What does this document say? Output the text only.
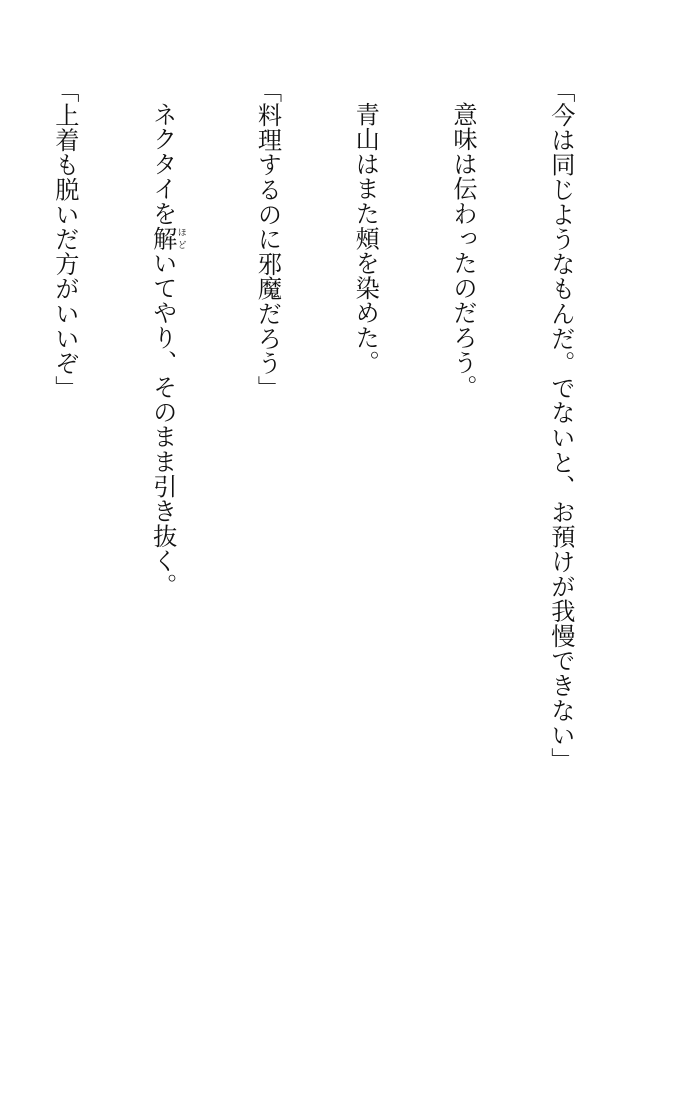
「今は同じようなもんだ。でないと、お預けが我慢できない」

意味は伝わったのだろう。

青山はまた頰を染めた。

「料理するのに邪魔だろう」

ネクタイを解 ほどいてやり、そのまま引き抜く。

「上着も脱いだ方がいいぞ」
